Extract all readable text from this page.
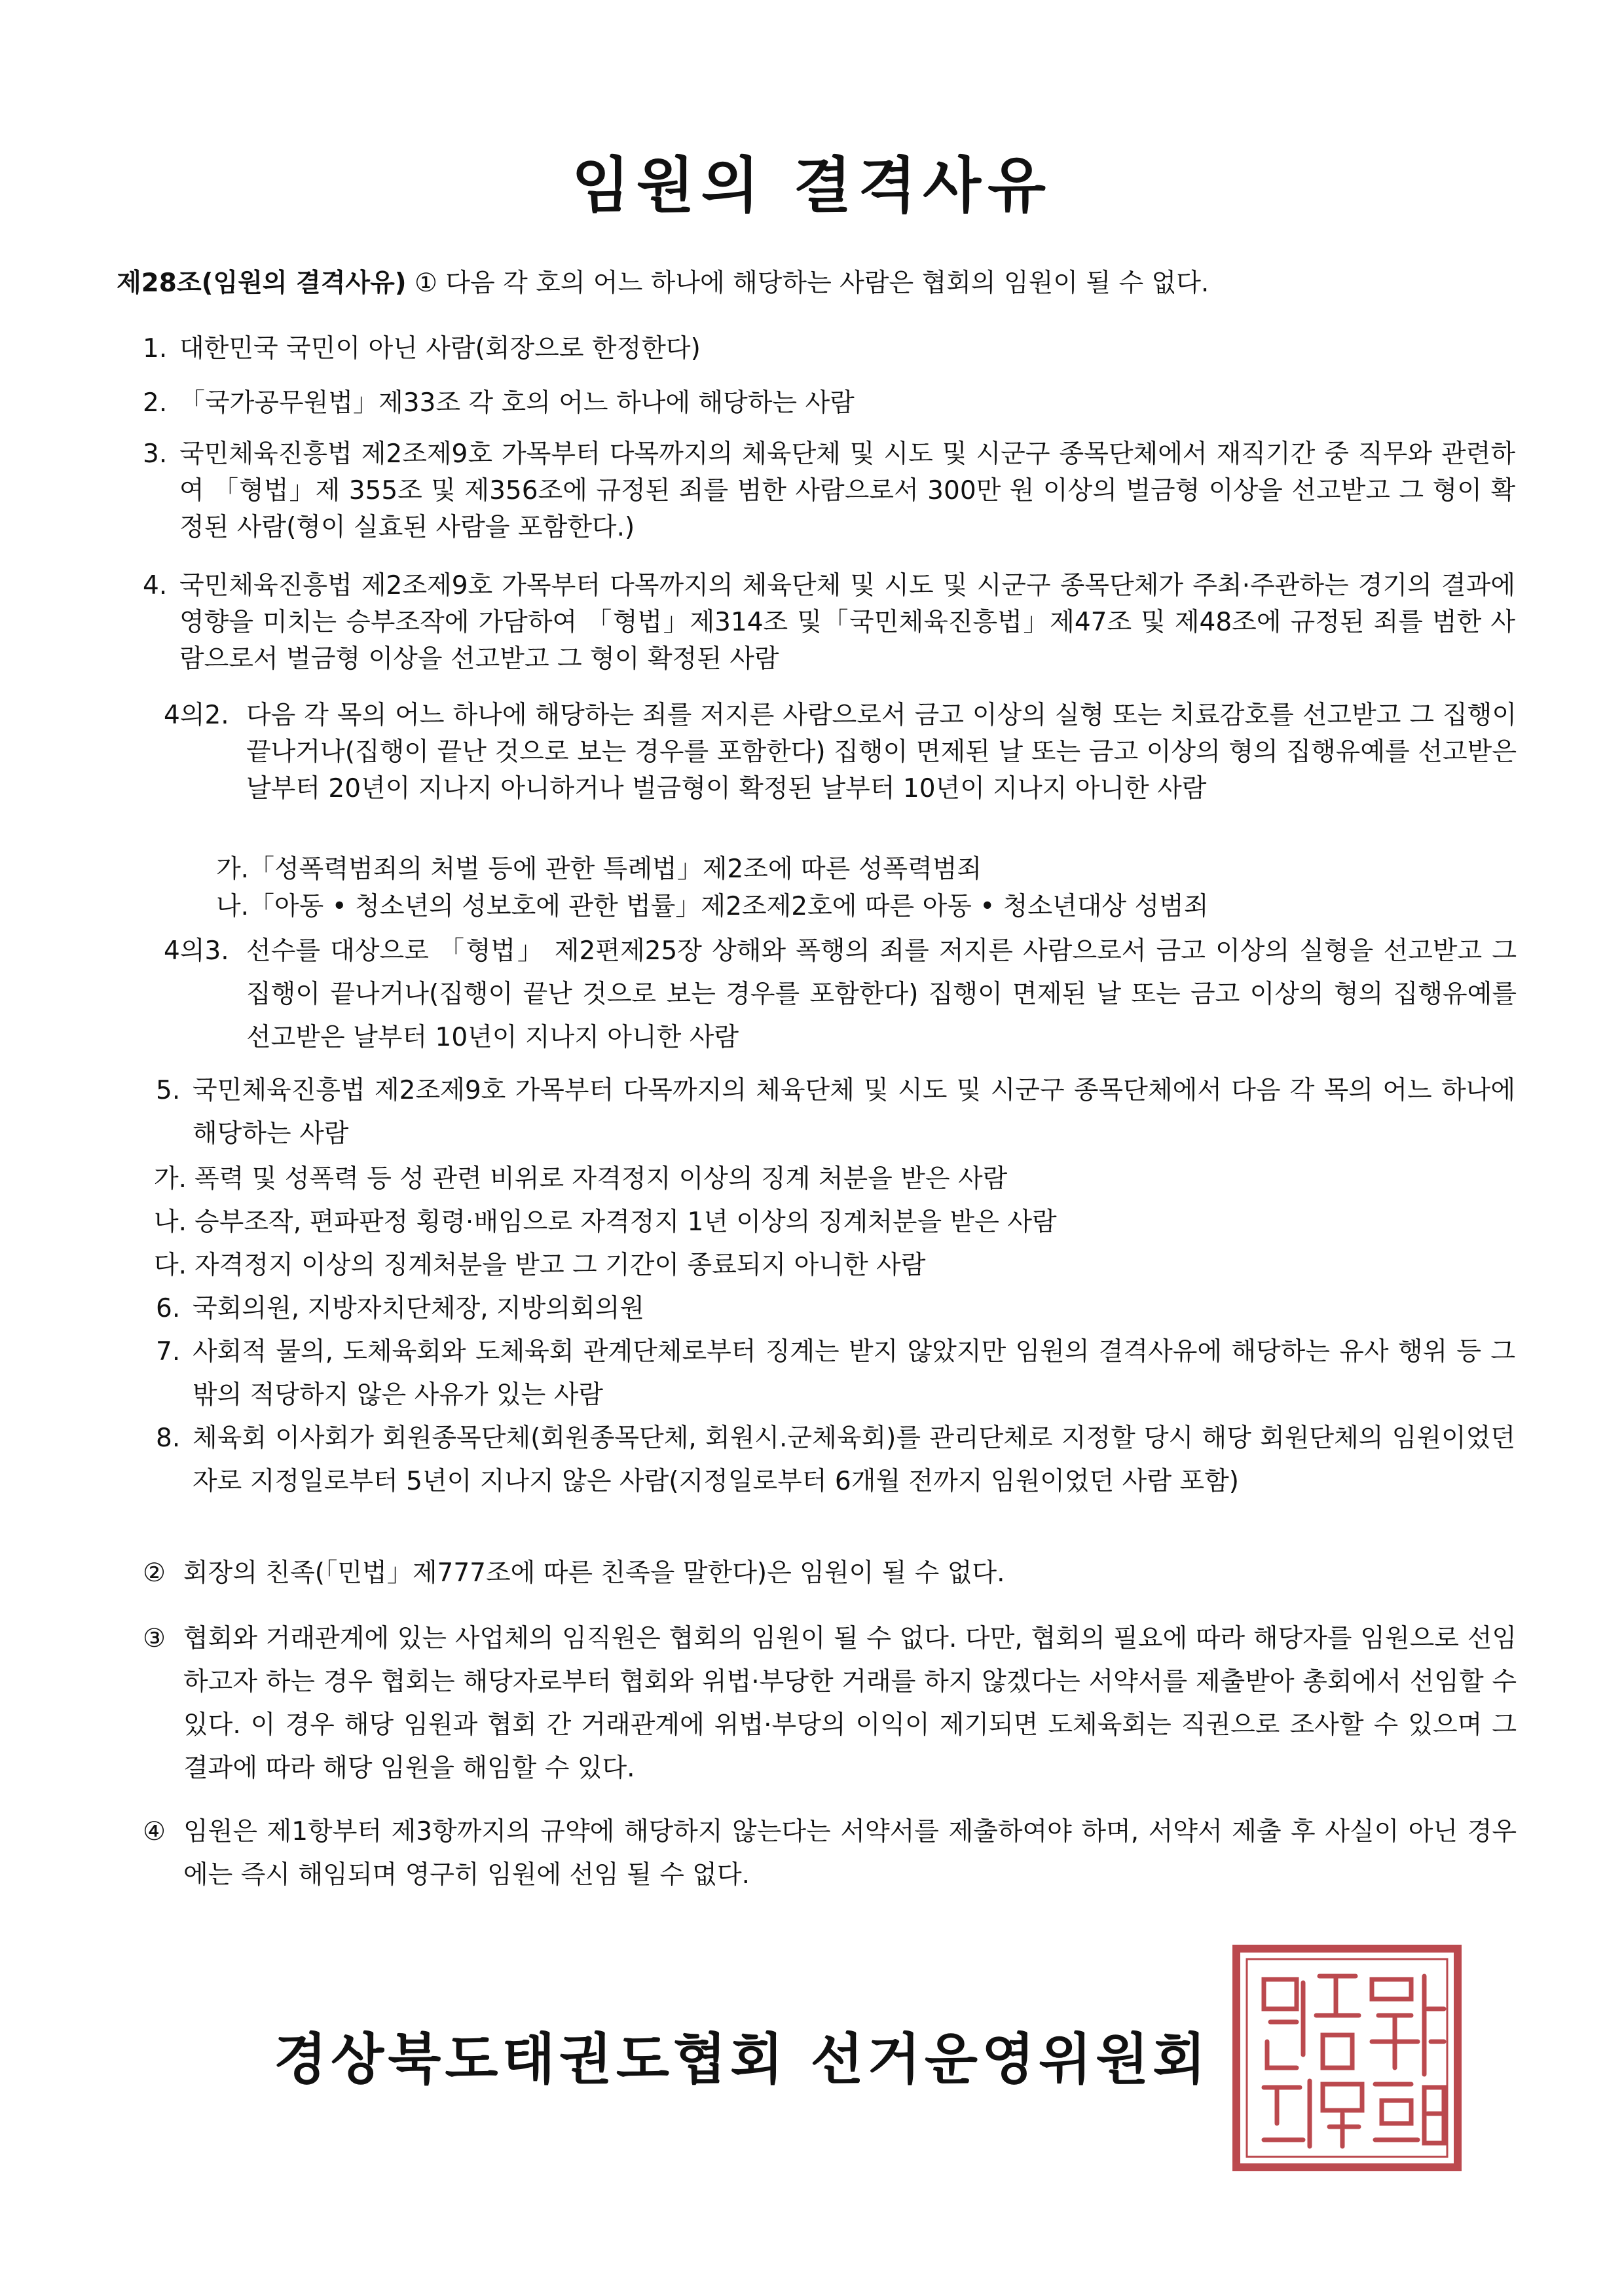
임원의 결격사유
제28조(임원의 결격사유) ① 다음 각 호의 어느 하나에 해당하는 사람은 협회의 임원이 될 수 없다.
1. 대한민국 국민이 아닌 사람(회장으로 한정한다)
2. 「국가공무원법」제33조 각 호의 어느 하나에 해당하는 사람
3. 국민체육진흥법 제2조제9호 가목부터 다목까지의 체육단체 및 시도 및 시군구 종목단체에서 재직기간 중 직무와 관련하여 「형법」제 355조 및 제356조에 규정된 죄를 범한 사람으로서 300만 원 이상의 벌금형 이상을 선고받고 그 형이 확정된 사람(형이 실효된 사람을 포함한다.)
4. 국민체육진흥법 제2조제9호 가목부터 다목까지의 체육단체 및 시도 및 시군구 종목단체가 주최·주관하는 경기의 결과에 영향을 미치는 승부조작에 가담하여 「형법」제314조 및「국민체육진흥법」제47조 및 제48조에 규정된 죄를 범한 사람으로서 벌금형 이상을 선고받고 그 형이 확정된 사람
4의2. 다음 각 목의 어느 하나에 해당하는 죄를 저지른 사람으로서 금고 이상의 실형 또는 치료감호를 선고받고 그 집행이 끝나거나(집행이 끝난 것으로 보는 경우를 포함한다) 집행이 면제된 날 또는 금고 이상의 형의 집행유예를 선고받은 날부터 20년이 지나지 아니하거나 벌금형이 확정된 날부터 10년이 지나지 아니한 사람
가. 「성폭력범죄의 처벌 등에 관한 특례법」제2조에 따른 성폭력범죄
나. 「아동 • 청소년의 성보호에 관한 법률」제2조제2호에 따른 아동 • 청소년대상 성범죄
4의3. 선수를 대상으로 「형법」 제2편제25장 상해와 폭행의 죄를 저지른 사람으로서 금고 이상의 실형을 선고받고 그 집행이 끝나거나(집행이 끝난 것으로 보는 경우를 포함한다) 집행이 면제된 날 또는 금고 이상의 형의 집행유예를 선고받은 날부터 10년이 지나지 아니한 사람
5. 국민체육진흥법 제2조제9호 가목부터 다목까지의 체육단체 및 시도 및 시군구 종목단체에서 다음 각 목의 어느 하나에 해당하는 사람
가. 폭력 및 성폭력 등 성 관련 비위로 자격정지 이상의 징계 처분을 받은 사람
나. 승부조작, 편파판정 횡령·배임으로 자격정지 1년 이상의 징계처분을 받은 사람
다. 자격정지 이상의 징계처분을 받고 그 기간이 종료되지 아니한 사람
6. 국회의원, 지방자치단체장, 지방의회의원
7. 사회적 물의, 도체육회와 도체육회 관계단체로부터 징계는 받지 않았지만 임원의 결격사유에 해당하는 유사 행위 등 그 밖의 적당하지 않은 사유가 있는 사람
8. 체육회 이사회가 회원종목단체(회원종목단체, 회원시.군체육회)를 관리단체로 지정할 당시 해당 회원단체의 임원이었던 자로 지정일로부터 5년이 지나지 않은 사람(지정일로부터 6개월 전까지 임원이었던 사람 포함)
② 회장의 친족(「민법」제777조에 따른 친족을 말한다)은 임원이 될 수 없다.
③ 협회와 거래관계에 있는 사업체의 임직원은 협회의 임원이 될 수 없다. 다만, 협회의 필요에 따라 해당자를 임원으로 선임하고자 하는 경우 협회는 해당자로부터 협회와 위법·부당한 거래를 하지 않겠다는 서약서를 제출받아 총회에서 선임할 수 있다. 이 경우 해당 임원과 협회 간 거래관계에 위법·부당의 이익이 제기되면 도체육회는 직권으로 조사할 수 있으며 그 결과에 따라 해당 임원을 해임할 수 있다.
④ 임원은 제1항부터 제3항까지의 규약에 해당하지 않는다는 서약서를 제출하여야 하며, 서약서 제출 후 사실이 아닌 경우에는 즉시 해임되며 영구히 임원에 선임 될 수 없다.
경상북도태권도협회 선거운영위원회
